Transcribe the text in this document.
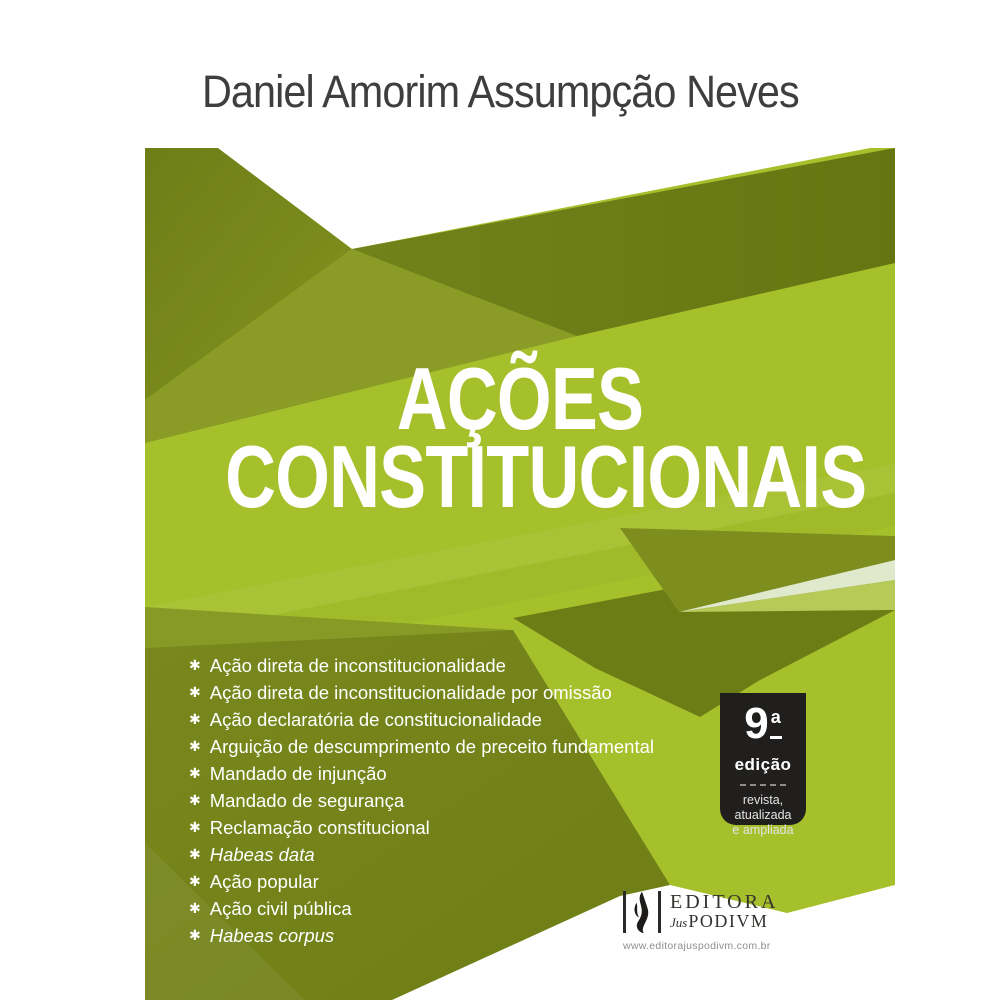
Daniel Amorim Assumpção Neves
AÇÕES
CONSTITUCIONAIS
✱ Ação direta de inconstitucionalidade
✱ Ação direta de inconstitucionalidade por omissão
✱ Ação declaratória de constitucionalidade
✱ Arguição de descumprimento de preceito fundamental
✱ Mandado de injunção
✱ Mandado de segurança
✱ Reclamação constitucional
✱ Habeas data
✱ Ação popular
✱ Ação civil pública
✱ Habeas corpus
9 a
edição
revista,
atualizada
e ampliada
EDITORA
JusPODIVM
www.editorajuspodivm.com.br
